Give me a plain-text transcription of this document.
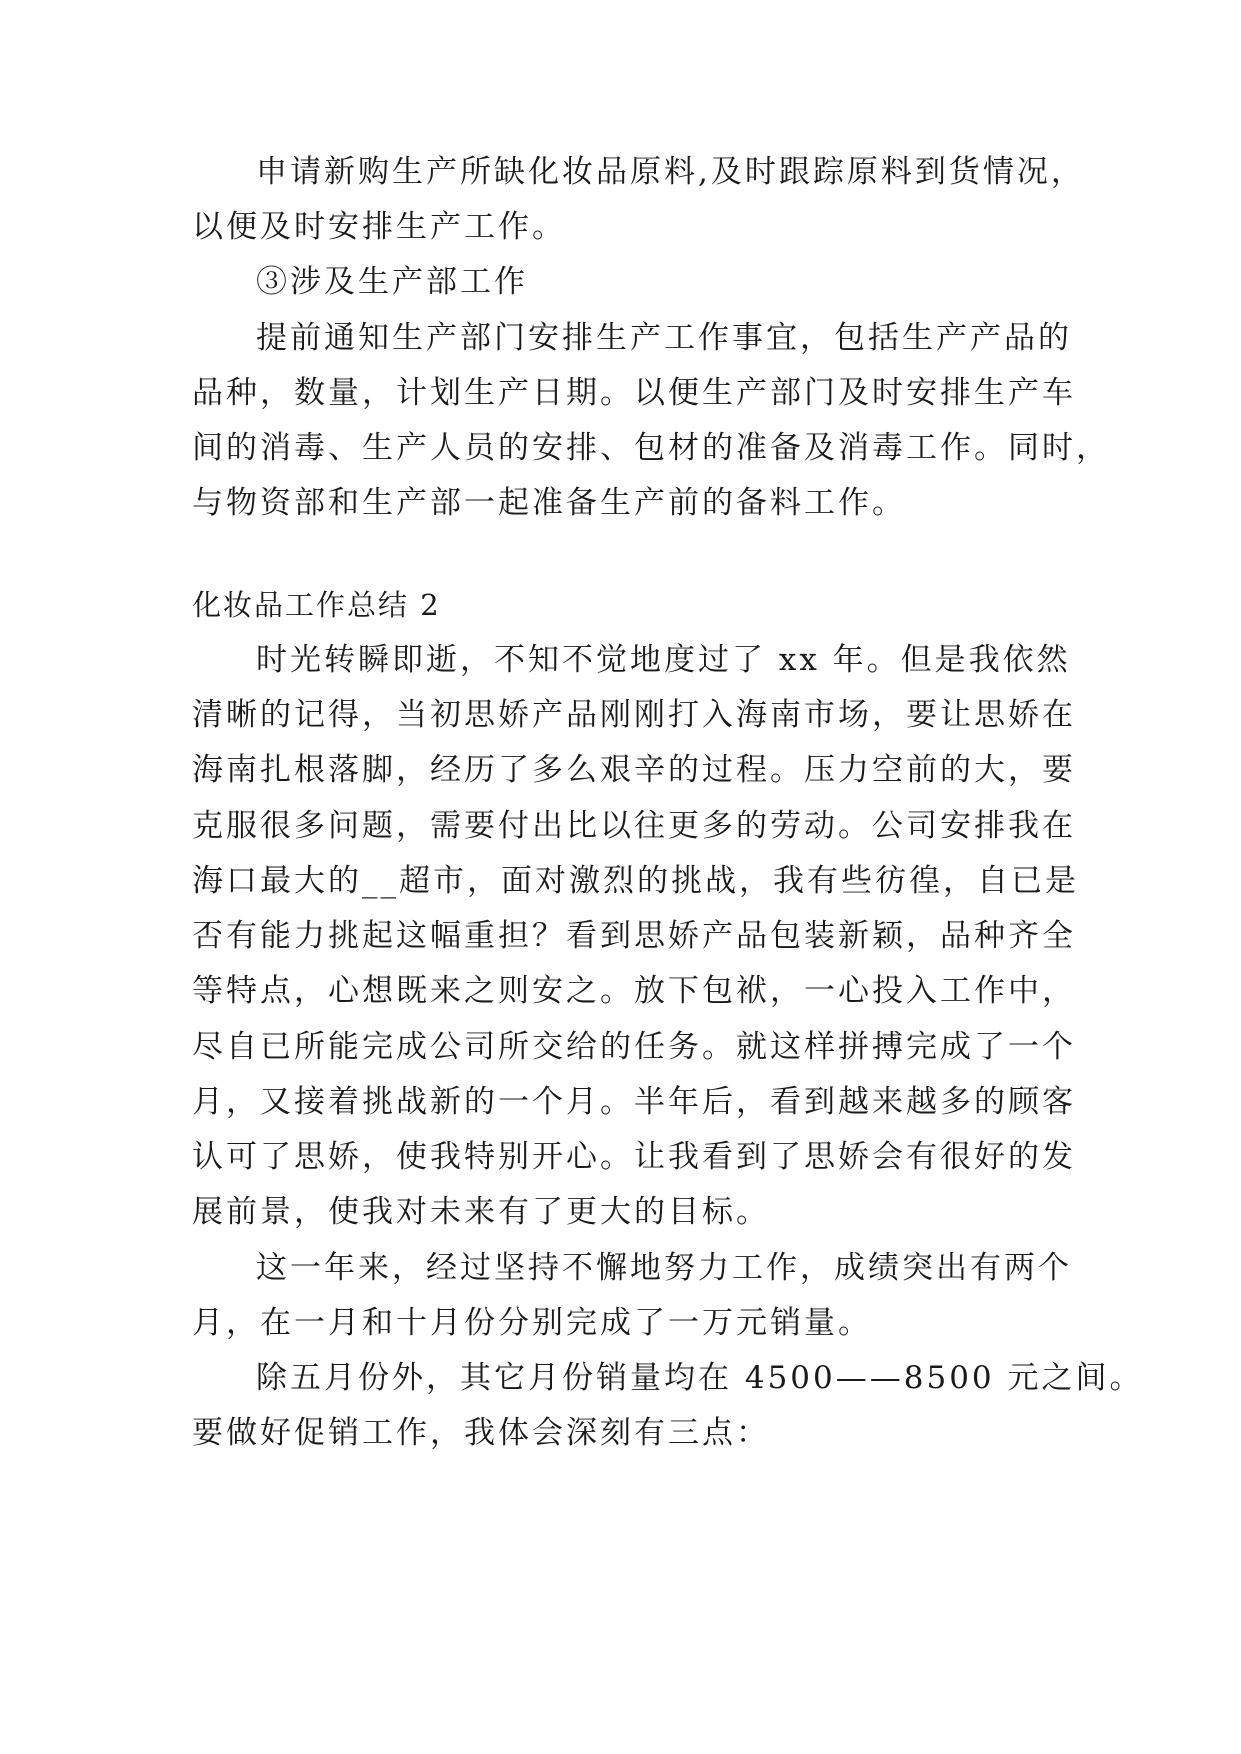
申请新购生产所缺化妆品原料,及时跟踪原料到货情况，
以便及时安排生产工作。
③涉及生产部工作
提前通知生产部门安排生产工作事宜，包括生产产品的
品种，数量，计划生产日期。以便生产部门及时安排生产车
间的消毒、生产人员的安排、包材的准备及消毒工作。同时，
与物资部和生产部一起准备生产前的备料工作。
化妆品工作总结 2
时光转瞬即逝，不知不觉地度过了 xx 年。但是我依然
清晰的记得，当初思娇产品刚刚打入海南市场，要让思娇在
海南扎根落脚，经历了多么艰辛的过程。压力空前的大，要
克服很多问题，需要付出比以往更多的劳动。公司安排我在
海口最大的__超市，面对激烈的挑战，我有些彷徨，自已是
否有能力挑起这幅重担？看到思娇产品包装新颖，品种齐全
等特点，心想既来之则安之。放下包袱，一心投入工作中，
尽自已所能完成公司所交给的任务。就这样拼搏完成了一个
月，又接着挑战新的一个月。半年后，看到越来越多的顾客
认可了思娇，使我特别开心。让我看到了思娇会有很好的发
展前景，使我对未来有了更大的目标。
这一年来，经过坚持不懈地努力工作，成绩突出有两个
月，在一月和十月份分别完成了一万元销量。
除五月份外，其它月份销量均在 4500——8500 元之间。
要做好促销工作，我体会深刻有三点：
